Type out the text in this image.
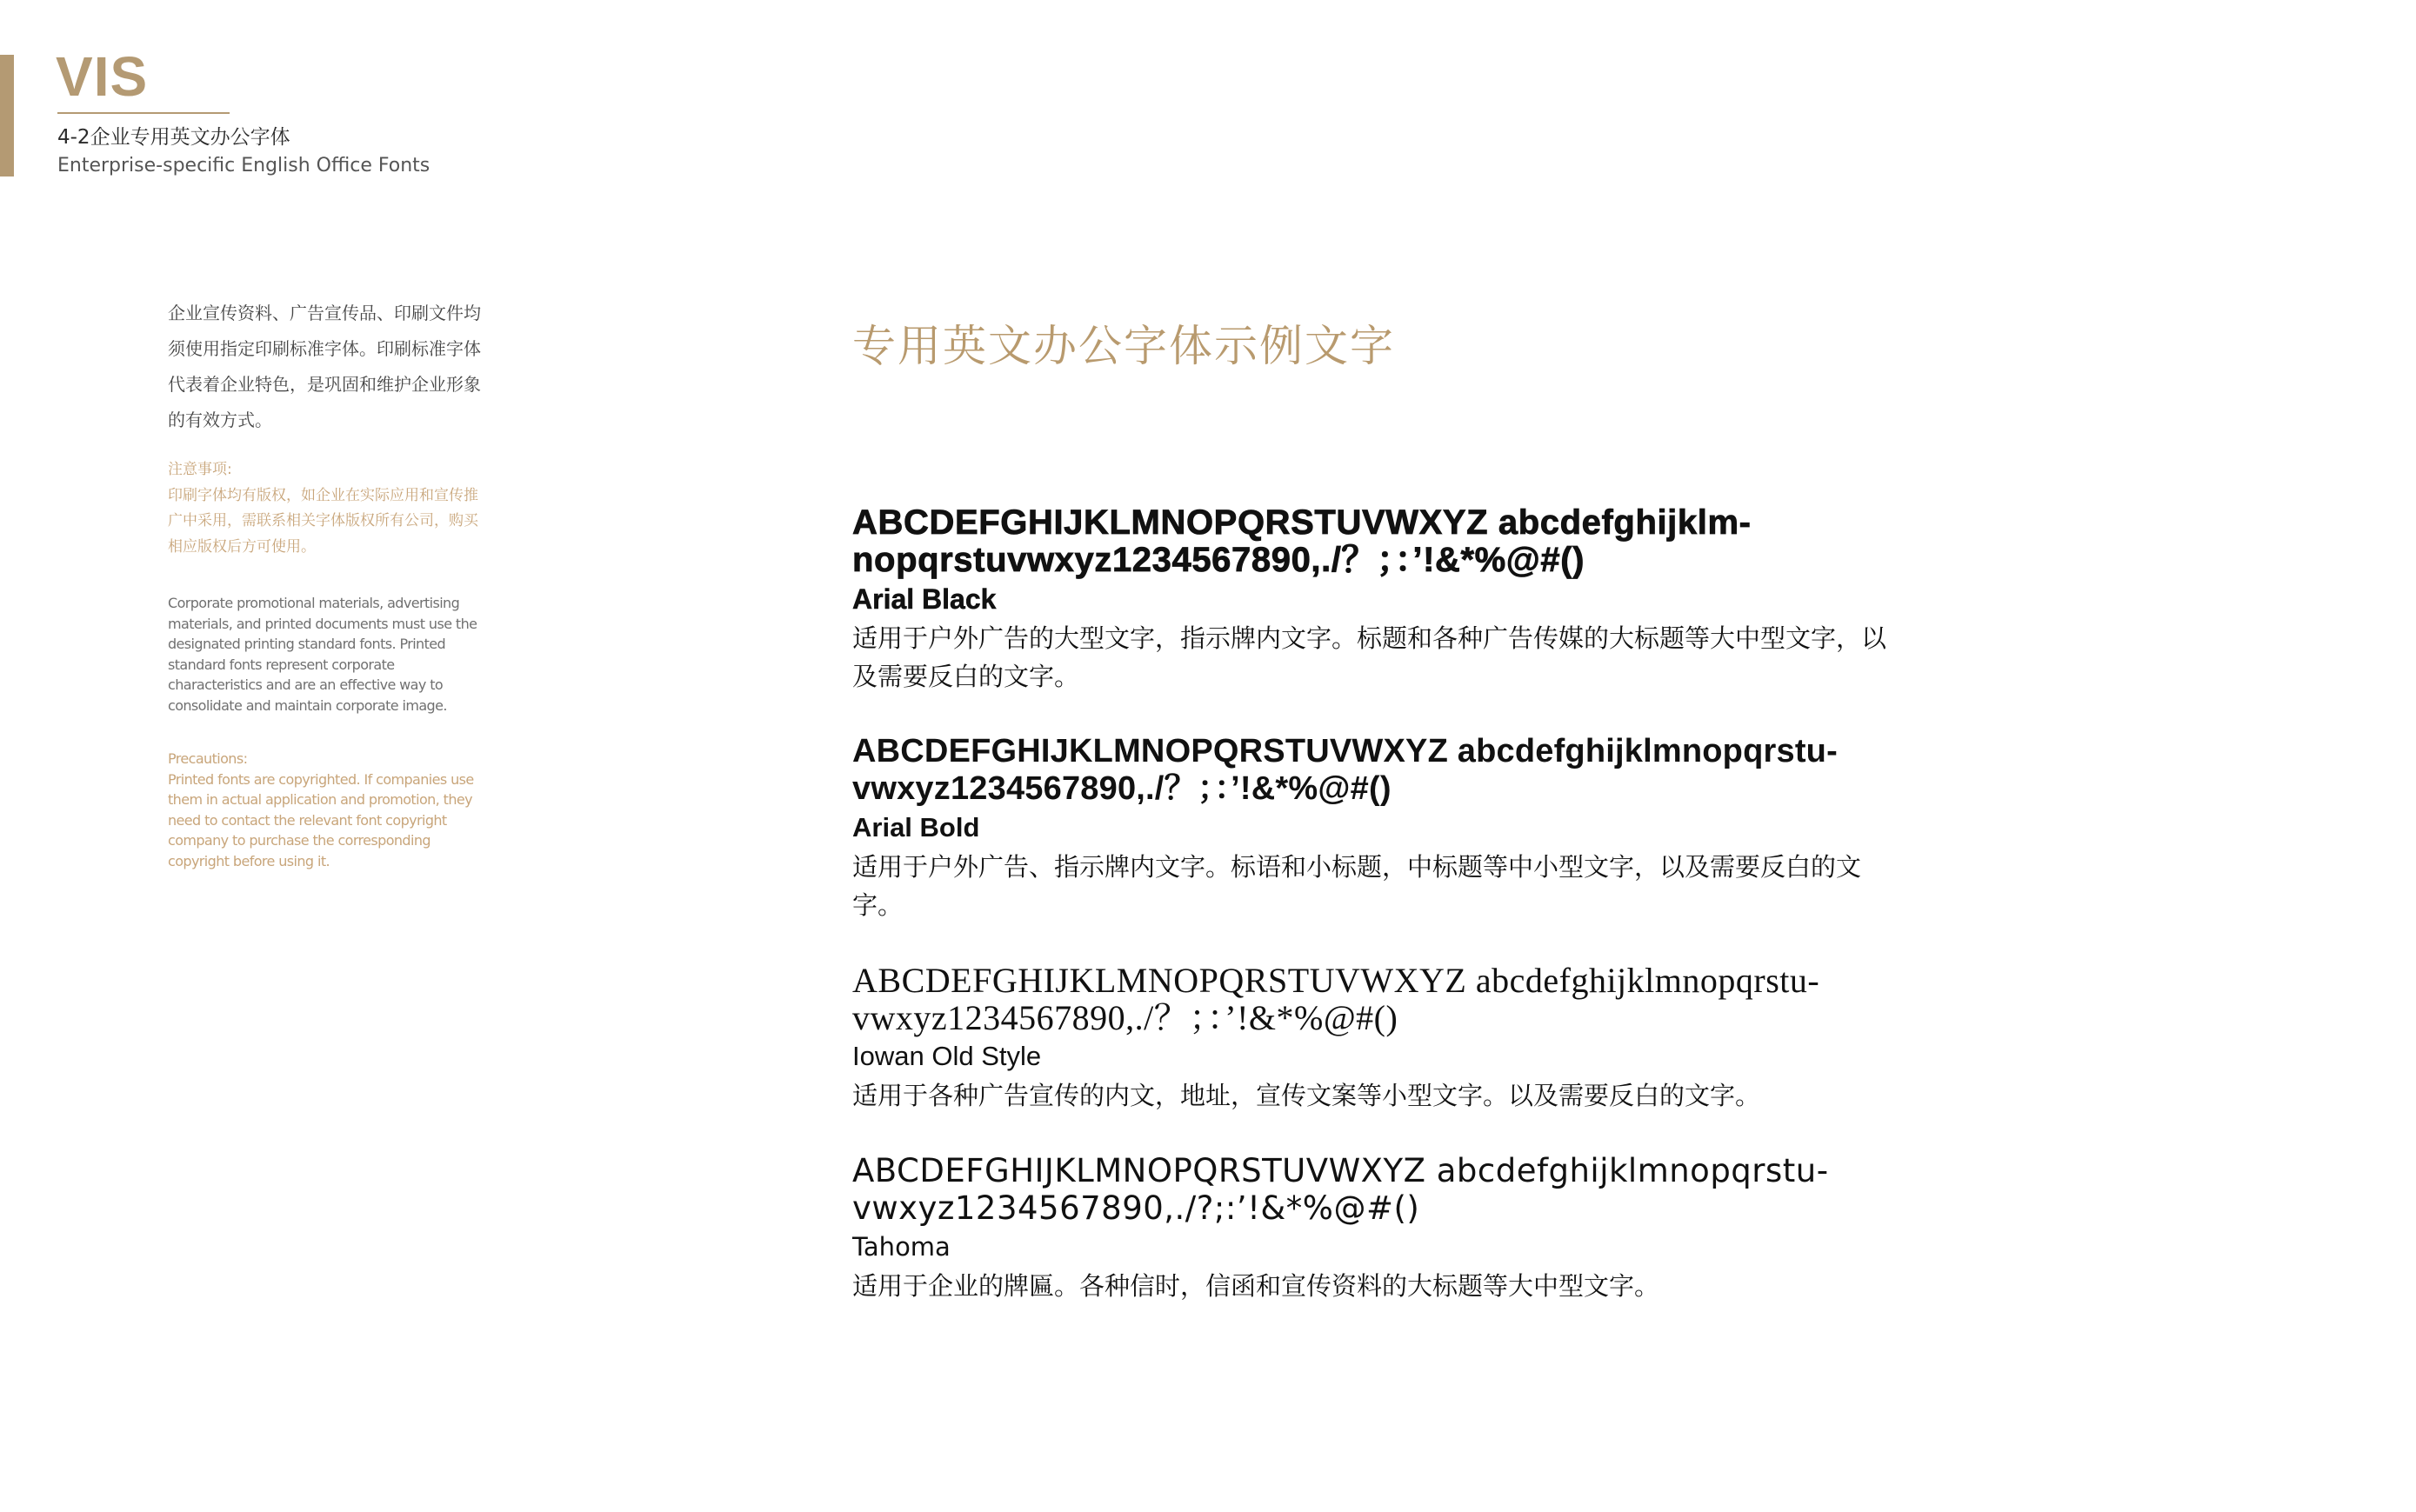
VIS
4-2企业专用英文办公字体
Enterprise-specific English Office Fonts

企业宣传资料、广告宣传品、印刷文件均须使用指定印刷标准字体。印刷标准字体代表着企业特色，是巩固和维护企业形象的有效方式。

注意事项:

印刷字体均有版权，如企业在实际应用和宣传推广中采用，需联系相关字体版权所有公司，购买相应版权后方可使用。

Corporate promotional materials, advertising materials, and printed documents must use the designated printing standard fonts. Printed standard fonts represent corporate characteristics and are an effective way to consolidate and maintain corporate image.

Precautions:

Printed fonts are copyrighted. If companies use them in actual application and promotion, they need to contact the relevant font copyright company to purchase the corresponding copyright before using it.

专用英文办公字体示例文字

ABCDEFGHIJKLMNOPQRSTUVWXYZ abcdefghijklm-

nopqrstuvwxyz1234567890,./？；：’!&*%@#()

Arial Black

适用于户外广告的大型文字，指示牌内文字。标题和各种广告传媒的大标题等大中型文字，以及需要反白的文字。

ABCDEFGHIJKLMNOPQRSTUVWXYZ abcdefghijklmnopqrstu-

vwxyz1234567890,./？；：’!&*%@#()

Arial Bold

适用于户外广告、指示牌内文字。标语和小标题，中标题等中小型文字，以及需要反白的文字。

ABCDEFGHIJKLMNOPQRSTUVWXYZ abcdefghijklmnopqrstu-

vwxyz1234567890,./？；：’!&*%@#()

Iowan Old Style

适用于各种广告宣传的内文，地址，宣传文案等小型文字。以及需要反白的文字。

ABCDEFGHIJKLMNOPQRSTUVWXYZ abcdefghijklmnopqrstu-

vwxyz1234567890,./?;:’!&*%@#()

Tahoma

适用于企业的牌匾。各种信时，信函和宣传资料的大标题等大中型文字。
